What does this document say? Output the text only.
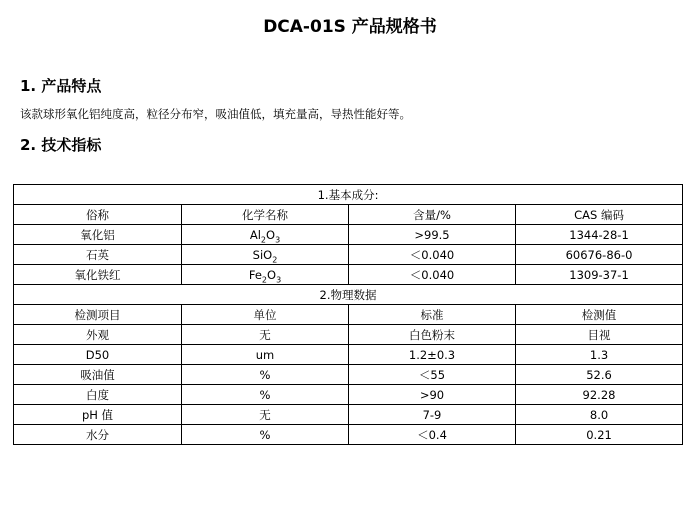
DCA-01S 产品规格书
1. 产品特点
该款球形氧化铝纯度高，粒径分布窄，吸油值低，填充量高，导热性能好等。
2. 技术指标
1.基本成分:			
俗称	化学名称	含量/%	CAS 编码
氧化铝	$Al_2O_3$	>99.5	1344-28-1
石英	SiO$_2$	＜0.040	60676-86-0
氧化铁红	$Fe_2O_3$	＜0.040	1309-37-1
2.物理数据			
检测项目	单位	标准	检测值
外观	无	白色粉末	目视
D50	um	1.2±0.3	1.3
吸油值	%	＜55	52.6
白度	%	>90	92.28
pH 值	无	7-9	8.0
水分	%	＜0.4	0.21
